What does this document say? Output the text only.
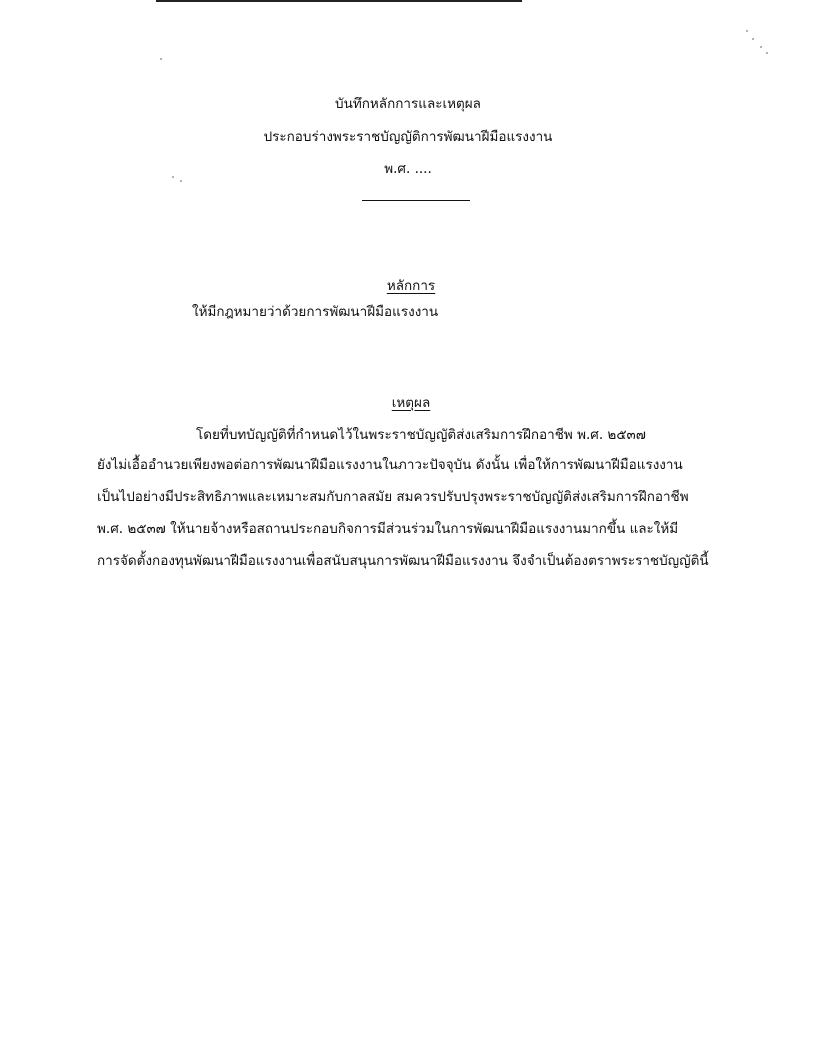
บันทึกหลักการและเหตุผล
ประกอบร่างพระราชบัญญัติการพัฒนาฝีมือแรงงาน
พ.ศ. ....
หลักการ
ให้มีกฎหมายว่าด้วยการพัฒนาฝีมือแรงงาน
เหตุผล
โดยที่บทบัญญัติที่กำหนดไว้ในพระราชบัญญัติส่งเสริมการฝึกอาชีพ พ.ศ. ๒๕๓๗
ยังไม่เอื้ออำนวยเพียงพอต่อการพัฒนาฝีมือแรงงานในภาวะปัจจุบัน ดังนั้น เพื่อให้การพัฒนาฝีมือแรงงาน
เป็นไปอย่างมีประสิทธิภาพและเหมาะสมกับกาลสมัย สมควรปรับปรุงพระราชบัญญัติส่งเสริมการฝึกอาชีพ
พ.ศ. ๒๕๓๗ ให้นายจ้างหรือสถานประกอบกิจการมีส่วนร่วมในการพัฒนาฝีมือแรงงานมากขึ้น และให้มี
การจัดตั้งกองทุนพัฒนาฝีมือแรงงานเพื่อสนับสนุนการพัฒนาฝีมือแรงงาน จึงจำเป็นต้องตราพระราชบัญญัตินี้
